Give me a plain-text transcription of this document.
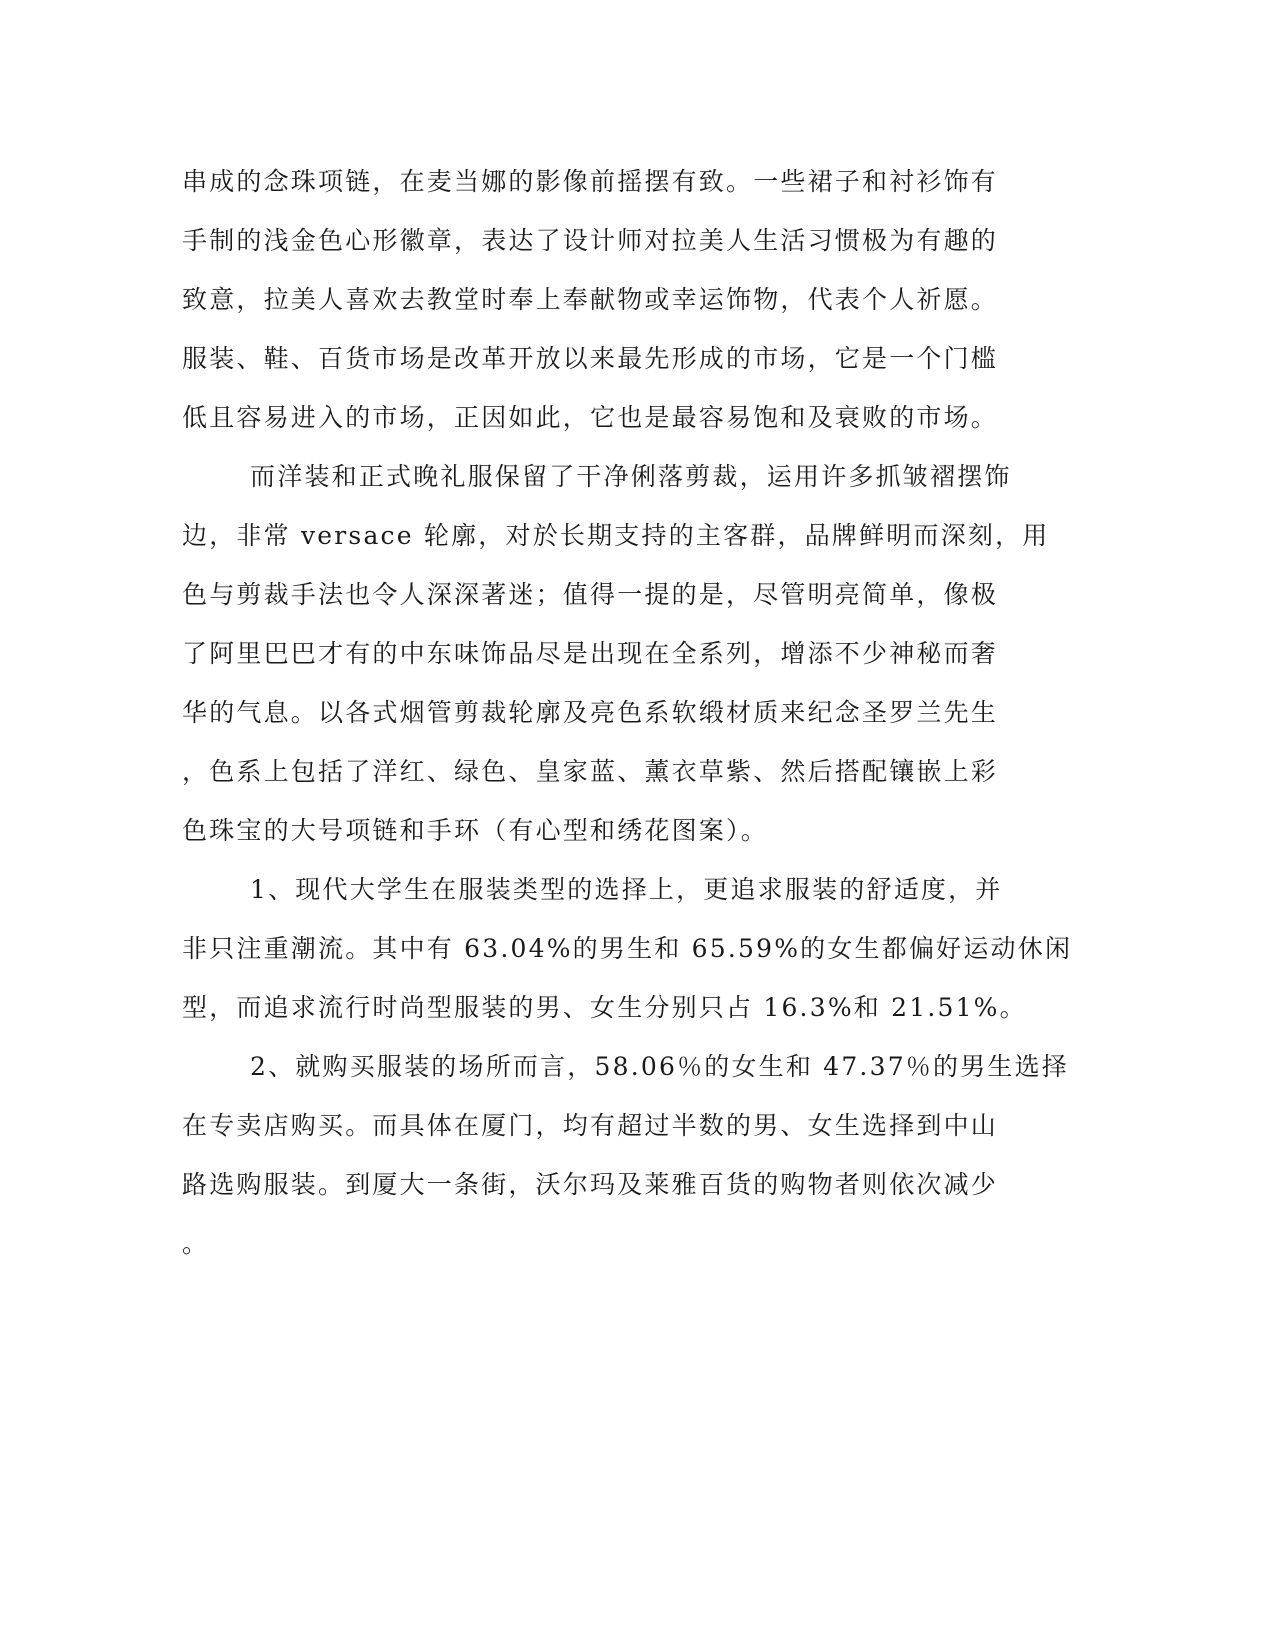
串成的念珠项链，在麦当娜的影像前摇摆有致。一些裙子和衬衫饰有
手制的浅金色心形徽章，表达了设计师对拉美人生活习惯极为有趣的
致意，拉美人喜欢去教堂时奉上奉献物或幸运饰物，代表个人祈愿。
服装、鞋、百货市场是改革开放以来最先形成的市场，它是一个门槛
低且容易进入的市场，正因如此，它也是最容易饱和及衰败的市场。
而洋装和正式晚礼服保留了干净俐落剪裁，运用许多抓皱褶摆饰
边，非常 versace 轮廓，对於长期支持的主客群，品牌鲜明而深刻，用
色与剪裁手法也令人深深著迷；值得一提的是，尽管明亮简单，像极
了阿里巴巴才有的中东味饰品尽是出现在全系列，增添不少神秘而奢
华的气息。以各式烟管剪裁轮廓及亮色系软缎材质来纪念圣罗兰先生
，色系上包括了洋红、绿色、皇家蓝、薰衣草紫、然后搭配镶嵌上彩
色珠宝的大号项链和手环（有心型和绣花图案）。
1、现代大学生在服装类型的选择上，更追求服装的舒适度，并
非只注重潮流。其中有 63.04%的男生和 65.59%的女生都偏好运动休闲
型，而追求流行时尚型服装的男、女生分别只占 16.3%和 21.51%。
2、就购买服装的场所而言，58.06％的女生和 47.37％的男生选择
在专卖店购买。而具体在厦门，均有超过半数的男、女生选择到中山
路选购服装。到厦大一条街，沃尔玛及莱雅百货的购物者则依次减少
。
